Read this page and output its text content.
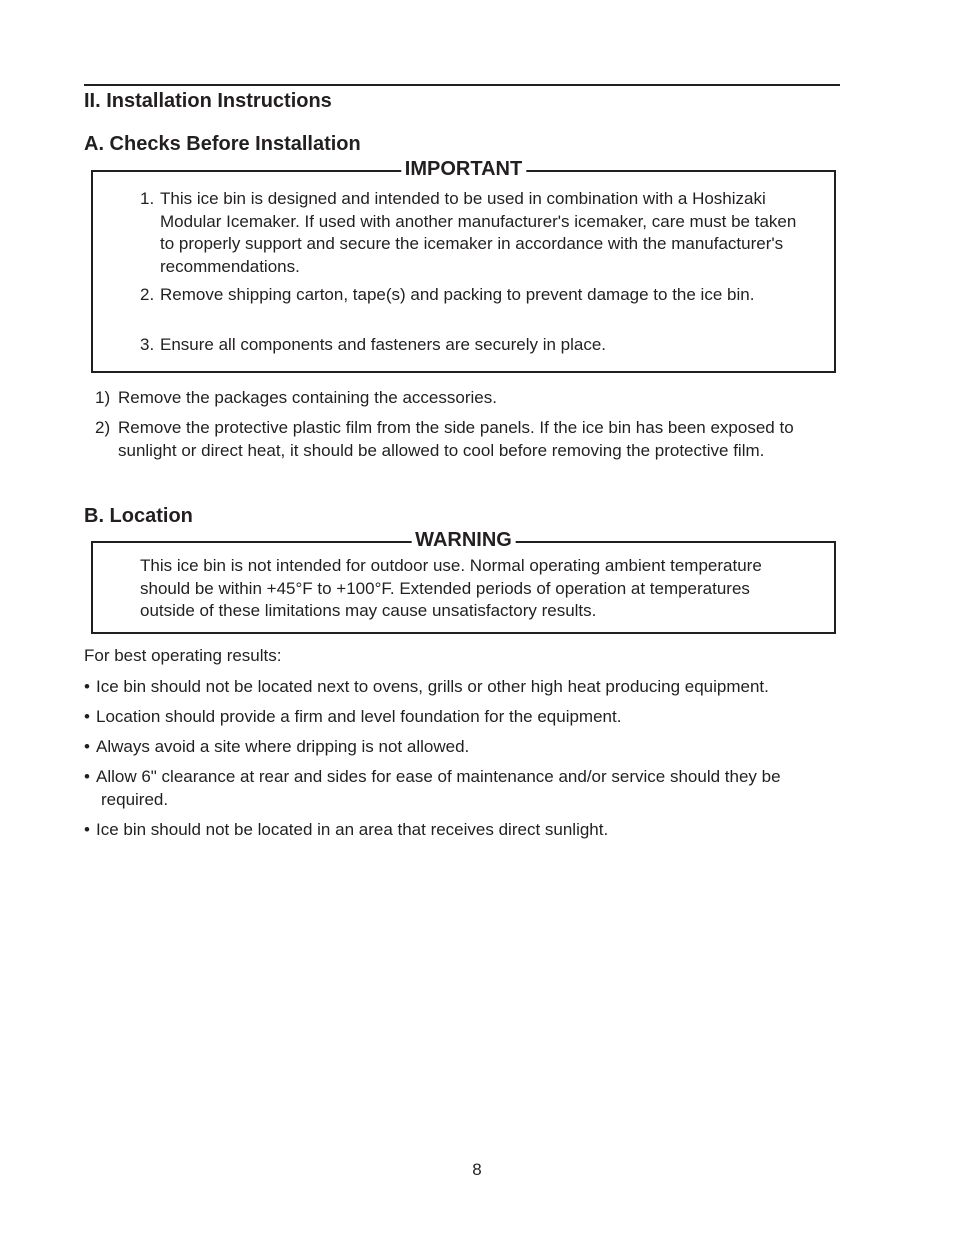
II. Installation Instructions
A. Checks Before Installation
IMPORTANT
1. This ice bin is designed and intended to be used in combination with a Hoshizaki Modular Icemaker. If used with another manufacturer's icemaker, care must be taken to properly support and secure the icemaker in accordance with the manufacturer's recommendations.
2. Remove shipping carton, tape(s) and packing to prevent damage to the ice bin.
3. Ensure all components and fasteners are securely in place.
1) Remove the packages containing the accessories.
2) Remove the protective plastic film from the side panels. If the ice bin has been exposed to sunlight or direct heat, it should be allowed to cool before removing the protective film.
B. Location
WARNING
This ice bin is not intended for outdoor use. Normal operating ambient temperature should be within +45°F to +100°F. Extended periods of operation at temperatures outside of these limitations may cause unsatisfactory results.
For best operating results:
• Ice bin should not be located next to ovens, grills or other high heat producing equipment.
• Location should provide a firm and level foundation for the equipment.
• Always avoid a site where dripping is not allowed.
• Allow 6" clearance at rear and sides for ease of maintenance and/or service should they be required.
• Ice bin should not be located in an area that receives direct sunlight.
8
